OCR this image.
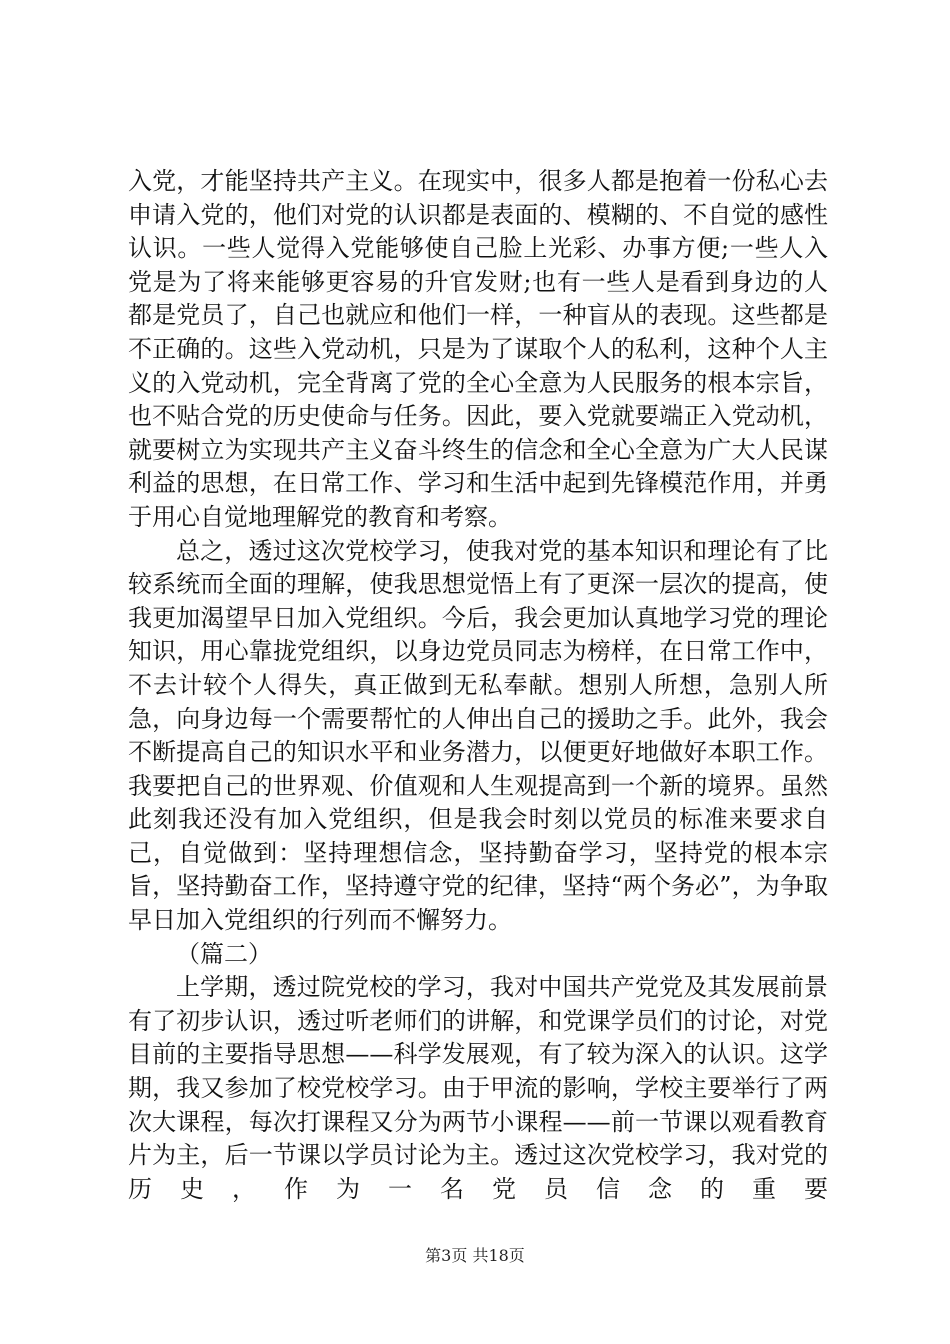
入党，才能坚持共产主义。在现实中，很多人都是抱着一份私心去申请入党的，他们对党的认识都是表面的、模糊的、不自觉的感性认识。一些人觉得入党能够使自己脸上光彩、办事方便;一些人入党是为了将来能够更容易的升官发财;也有一些人是看到身边的人都是党员了，自己也就应和他们一样，一种盲从的表现。这些都是不正确的。这些入党动机，只是为了谋取个人的私利，这种个人主义的入党动机，完全背离了党的全心全意为人民服务的根本宗旨，也不贴合党的历史使命与任务。因此，要入党就要端正入党动机，就要树立为实现共产主义奋斗终生的信念和全心全意为广大人民谋利益的思想，在日常工作、学习和生活中起到先锋模范作用，并勇于用心自觉地理解党的教育和考察。

总之，透过这次党校学习，使我对党的基本知识和理论有了比较系统而全面的理解，使我思想觉悟上有了更深一层次的提高，使我更加渴望早日加入党组织。今后，我会更加认真地学习党的理论知识，用心靠拢党组织，以身边党员同志为榜样，在日常工作中，不去计较个人得失，真正做到无私奉献。想别人所想，急别人所急，向身边每一个需要帮忙的人伸出自己的援助之手。此外，我会不断提高自己的知识水平和业务潜力，以便更好地做好本职工作。我要把自己的世界观、价值观和人生观提高到一个新的境界。虽然此刻我还没有加入党组织，但是我会时刻以党员的标准来要求自己，自觉做到：坚持理想信念，坚持勤奋学习，坚持党的根本宗旨，坚持勤奋工作，坚持遵守党的纪律，坚持“两个务必”，为争取早日加入党组织的行列而不懈努力。

（篇二）

上学期，透过院党校的学习，我对中国共产党党及其发展前景有了初步认识，透过听老师们的讲解，和党课学员们的讨论，对党目前的主要指导思想——科学发展观，有了较为深入的认识。这学期，我又参加了校党校学习。由于甲流的影响，学校主要举行了两次大课程，每次打课程又分为两节小课程——前一节课以观看教育片为主，后一节课以学员讨论为主。透过这次党校学习，我对党的历史，作为一名党员信念的重要

第3页 共18页
